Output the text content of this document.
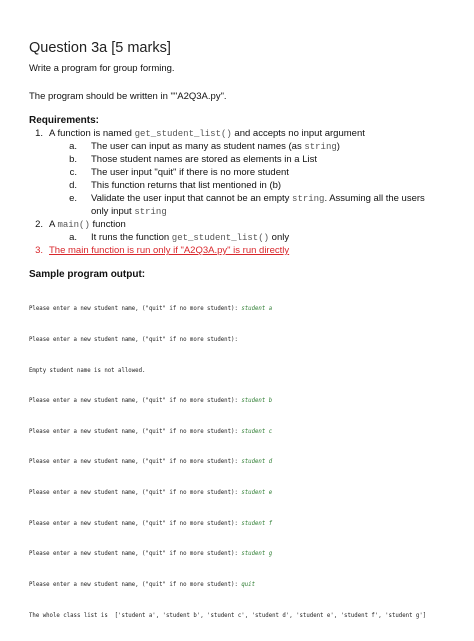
Question 3a [5 marks]
Write a program for group forming.
The program should be written in ""A2Q3A.py".
Requirements:
1. A function is named get_student_list() and accepts no input argument
a. The user can input as many as student names (as string)
b. Those student names are stored as elements in a List
c. The user input "quit" if there is no more student
d. This function returns that list mentioned in (b)
e. Validate the user input that cannot be an empty string. Assuming all the users
only input string
2. A main() function
a. It runs the function get_student_list() only
3. The main function is run only if "A2Q3A.py" is run directly
Sample program output:

Please enter a new student name, ("quit" if no more student): student a

Please enter a new student name, ("quit" if no more student):

Empty student name is not allowed.

Please enter a new student name, ("quit" if no more student): student b

Please enter a new student name, ("quit" if no more student): student c

Please enter a new student name, ("quit" if no more student): student d

Please enter a new student name, ("quit" if no more student): student e

Please enter a new student name, ("quit" if no more student): student f

Please enter a new student name, ("quit" if no more student): student g

Please enter a new student name, ("quit" if no more student): quit

The whole class list is  ['student a', 'student b', 'student c', 'student d', 'student e', 'student f', 'student g']
